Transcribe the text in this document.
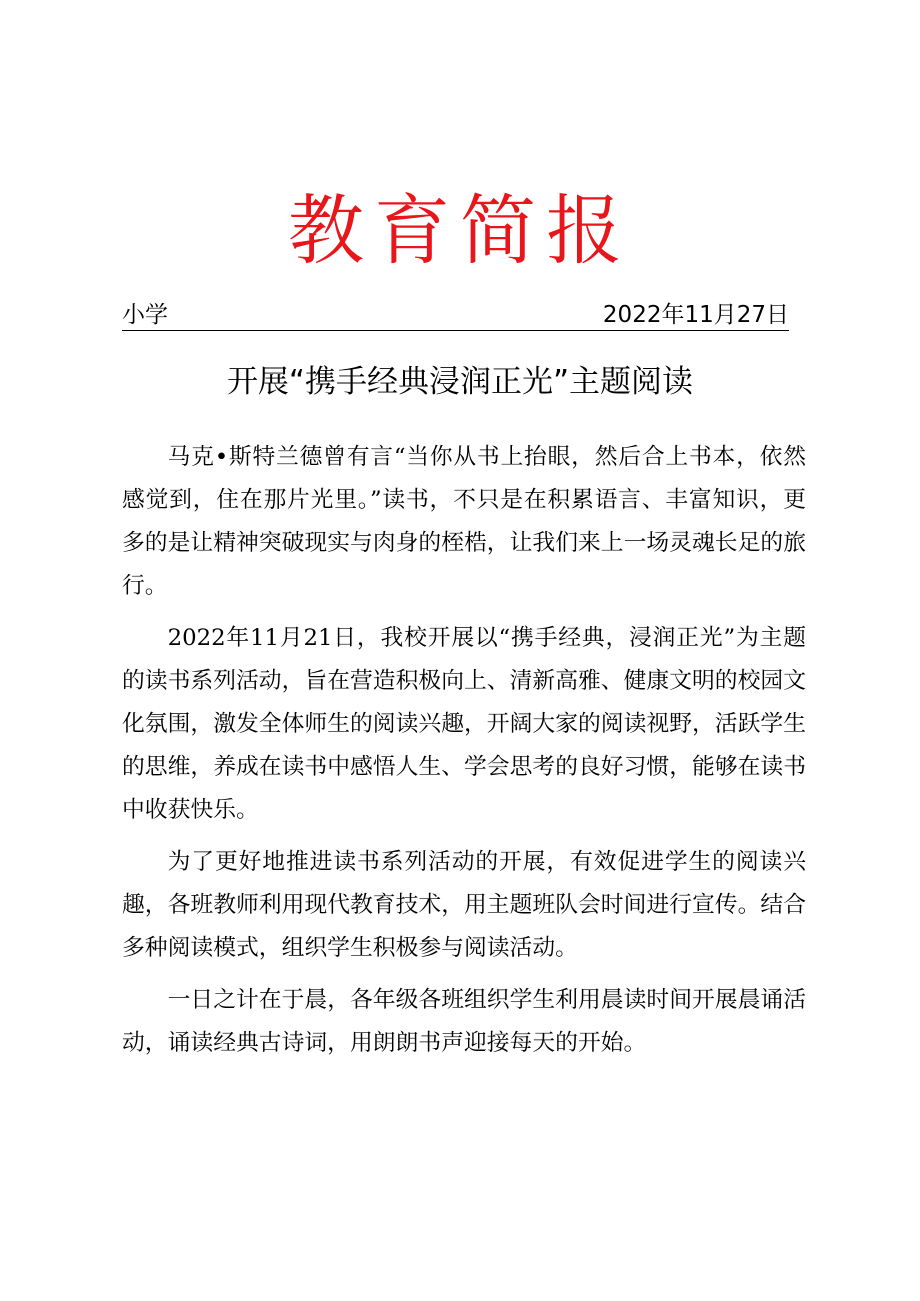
教育简报
小学	2022年11月27日
开展“携手经典浸润正光”主题阅读

马克•斯特兰德曾有言“当你从书上抬眼，然后合上书本，依然感觉到，住在那片光里。”读书，不只是在积累语言、丰富知识，更多的是让精神突破现实与肉身的桎梏，让我们来上一场灵魂长足的旅行。

2022年11月21日，我校开展以“携手经典，浸润正光”为主题的读书系列活动，旨在营造积极向上、清新高雅、健康文明的校园文化氛围，激发全体师生的阅读兴趣，开阔大家的阅读视野，活跃学生的思维，养成在读书中感悟人生、学会思考的良好习惯，能够在读书中收获快乐。

为了更好地推进读书系列活动的开展，有效促进学生的阅读兴趣，各班教师利用现代教育技术，用主题班队会时间进行宣传。结合多种阅读模式，组织学生积极参与阅读活动。

一日之计在于晨，各年级各班组织学生利用晨读时间开展晨诵活动，诵读经典古诗词，用朗朗书声迎接每天的开始。
